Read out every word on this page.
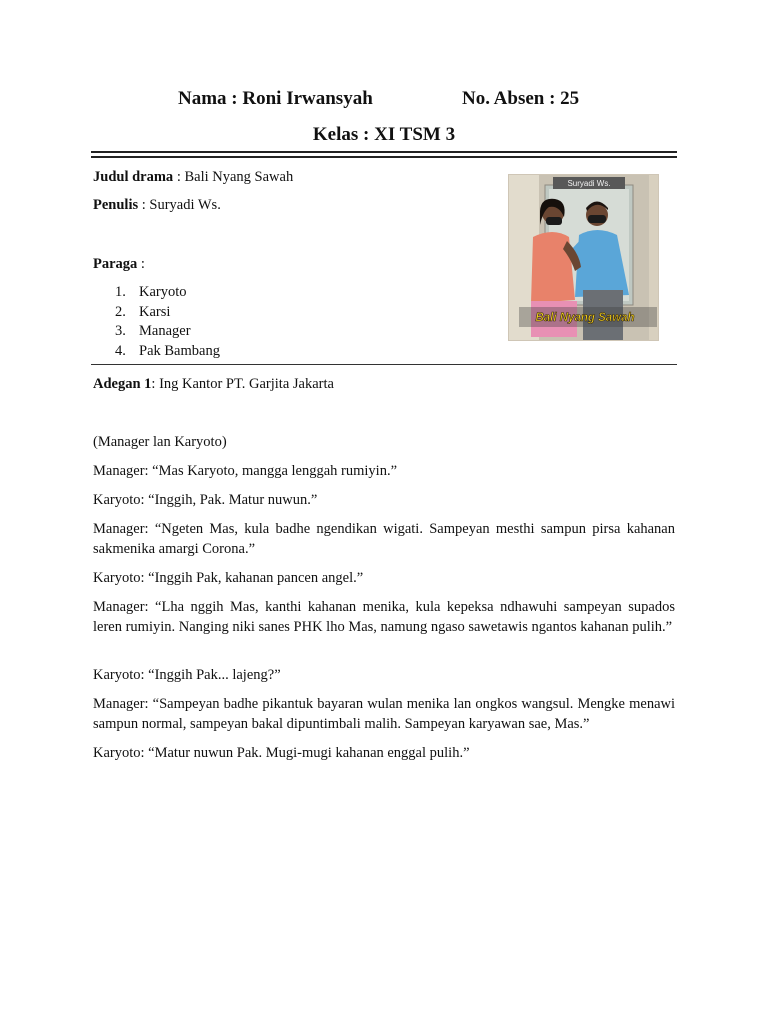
Nama : Roni Irwansyah	No. Absen : 25
Kelas : XI TSM 3
Judul drama : Bali Nyang Sawah
Penulis : Suryadi Ws.
Paraga :
1. Karyoto
2. Karsi
3. Manager
4. Pak Bambang
Suryadi Ws.
Bali Nyang Sawah
Adegan 1: Ing Kantor PT. Garjita Jakarta

(Manager lan Karyoto)

Manager: “Mas Karyoto, mangga lenggah rumiyin.”

Karyoto: “Inggih, Pak. Matur nuwun.”

Manager: “Ngeten Mas, kula badhe ngendikan wigati. Sampeyan mesthi sampun pirsa kahanan sakmenika amargi Corona.”

Karyoto: “Inggih Pak, kahanan pancen angel.”

Manager: “Lha nggih Mas, kanthi kahanan menika, kula kepeksa ndhawuhi sampeyan supados leren rumiyin. Nanging niki sanes PHK lho Mas, namung ngaso sawetawis ngantos kahanan pulih.”

Karyoto: “Inggih Pak... lajeng?”

Manager: “Sampeyan badhe pikantuk bayaran wulan menika lan ongkos wangsul. Mengke menawi sampun normal, sampeyan bakal dipuntimbali malih. Sampeyan karyawan sae, Mas.”

Karyoto: “Matur nuwun Pak. Mugi-mugi kahanan enggal pulih.”
